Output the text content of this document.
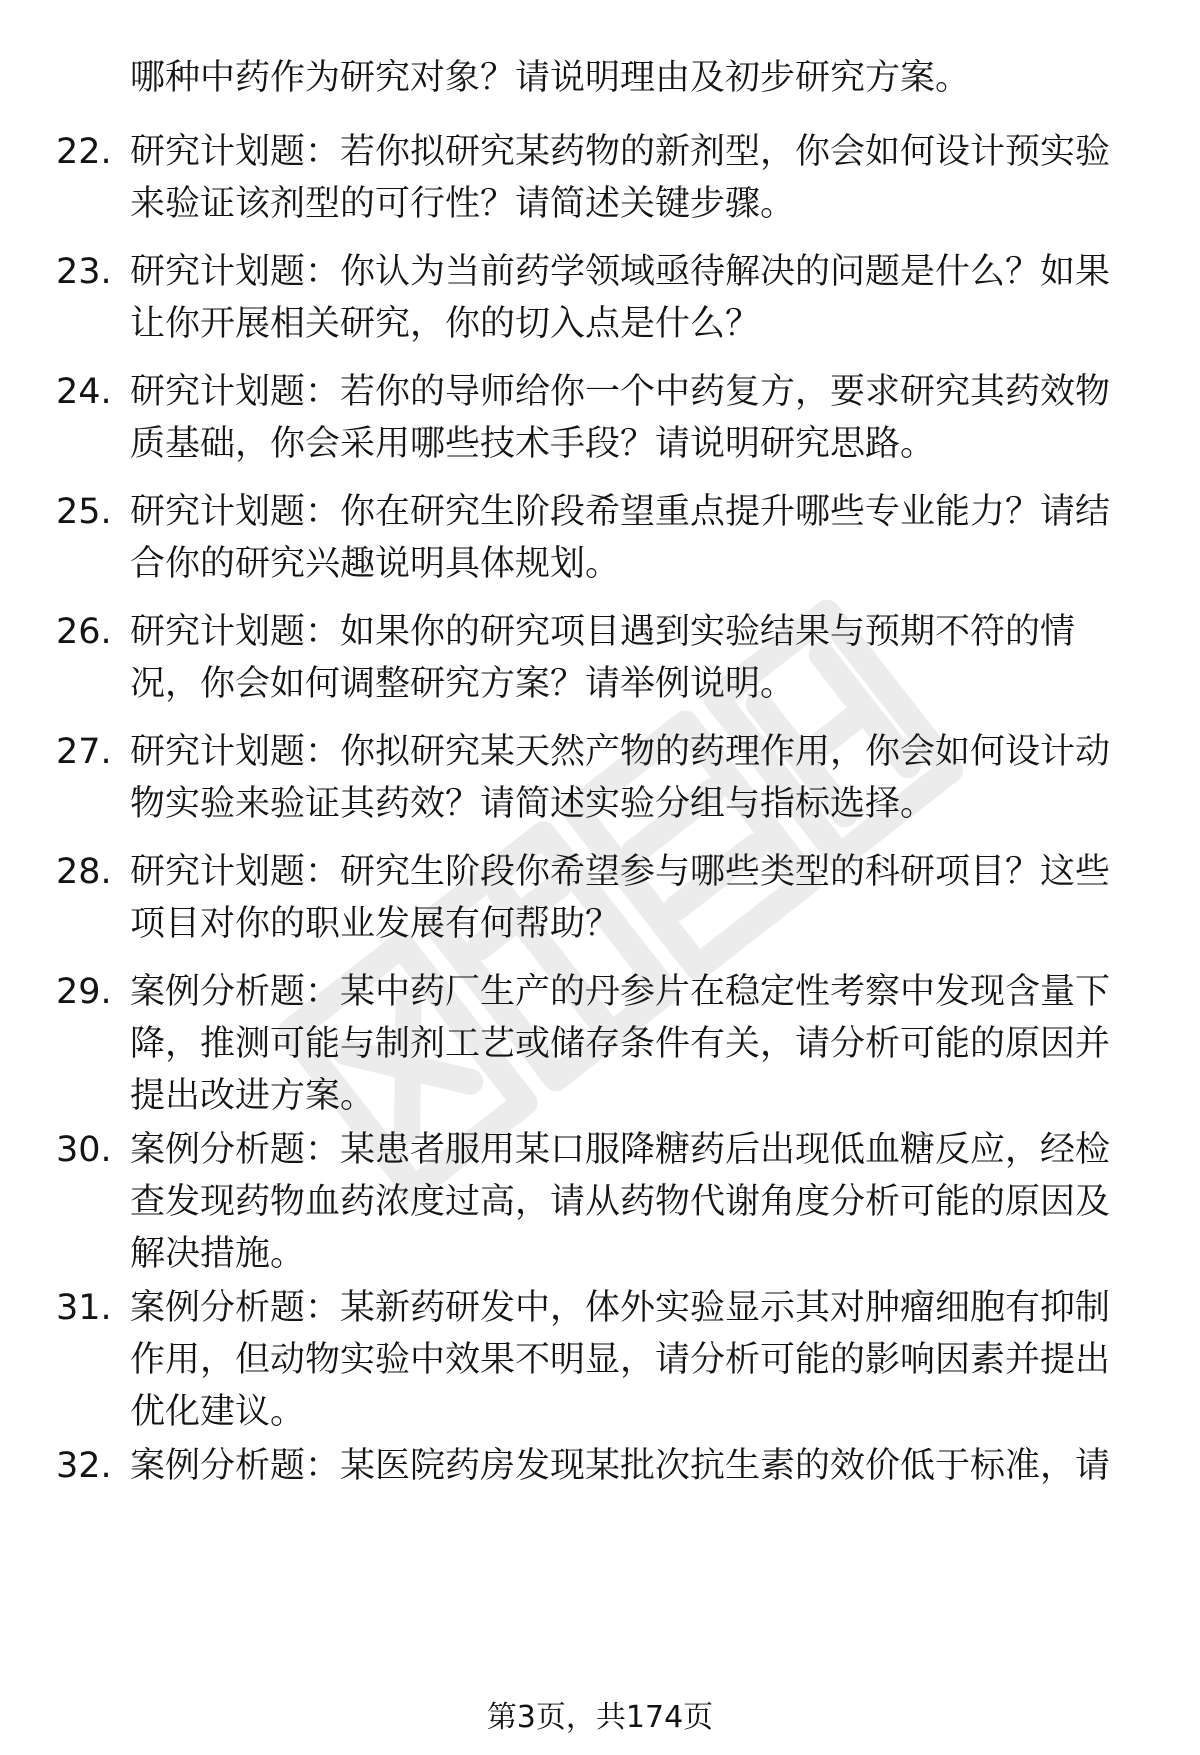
哪种中药作为研究对象？请说明理由及初步研究方案。
22. 研究计划题：若你拟研究某药物的新剂型，你会如何设计预实验
来验证该剂型的可行性？请简述关键步骤。
23. 研究计划题：你认为当前药学领域亟待解决的问题是什么？如果
让你开展相关研究，你的切入点是什么？
24. 研究计划题：若你的导师给你一个中药复方，要求研究其药效物
质基础，你会采用哪些技术手段？请说明研究思路。
25. 研究计划题：你在研究生阶段希望重点提升哪些专业能力？请结
合你的研究兴趣说明具体规划。
26. 研究计划题：如果你的研究项目遇到实验结果与预期不符的情
况，你会如何调整研究方案？请举例说明。
27. 研究计划题：你拟研究某天然产物的药理作用，你会如何设计动
物实验来验证其药效？请简述实验分组与指标选择。
28. 研究计划题：研究生阶段你希望参与哪些类型的科研项目？这些
项目对你的职业发展有何帮助？
29. 案例分析题：某中药厂生产的丹参片在稳定性考察中发现含量下
降，推测可能与制剂工艺或储存条件有关，请分析可能的原因并
提出改进方案。
30. 案例分析题：某患者服用某口服降糖药后出现低血糖反应，经检
查发现药物血药浓度过高，请从药物代谢角度分析可能的原因及
解决措施。
31. 案例分析题：某新药研发中，体外实验显示其对肿瘤细胞有抑制
作用，但动物实验中效果不明显，请分析可能的影响因素并提出
优化建议。
32. 案例分析题：某医院药房发现某批次抗生素的效价低于标准，请
第3页，共174页
